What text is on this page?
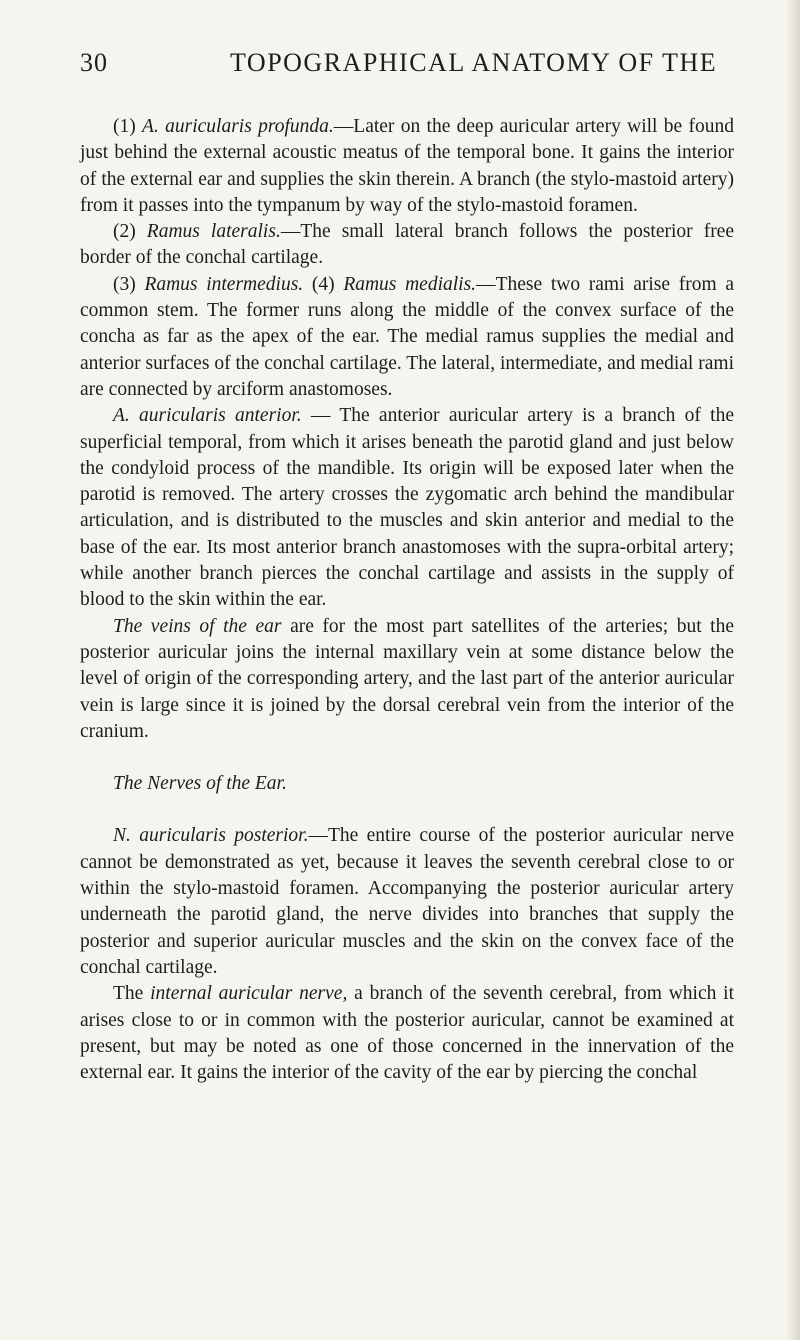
30	TOPOGRAPHICAL ANATOMY OF THE

(1) A. auricularis profunda.—Later on the deep auricular artery will be found just behind the external acoustic meatus of the temporal bone. It gains the interior of the external ear and supplies the skin therein. A branch (the stylo-mastoid artery) from it passes into the tympanum by way of the stylo-mastoid foramen.

(2) Ramus lateralis.—The small lateral branch follows the posterior free border of the conchal cartilage.

(3) Ramus intermedius. (4) Ramus medialis.—These two rami arise from a common stem. The former runs along the middle of the convex surface of the concha as far as the apex of the ear. The medial ramus supplies the medial and anterior surfaces of the conchal cartilage. The lateral, intermediate, and medial rami are connected by arciform anastomoses.

A. auricularis anterior. — The anterior auricular artery is a branch of the superficial temporal, from which it arises beneath the parotid gland and just below the condyloid process of the mandible. Its origin will be exposed later when the parotid is removed. The artery crosses the zygomatic arch behind the mandibular articulation, and is distributed to the muscles and skin anterior and medial to the base of the ear. Its most anterior branch anastomoses with the supra-orbital artery; while another branch pierces the conchal cartilage and assists in the supply of blood to the skin within the ear.

The veins of the ear are for the most part satellites of the arteries; but the posterior auricular joins the internal maxillary vein at some distance below the level of origin of the corresponding artery, and the last part of the anterior auricular vein is large since it is joined by the dorsal cerebral vein from the interior of the cranium.

The Nerves of the Ear.

N. auricularis posterior.—The entire course of the posterior auricular nerve cannot be demonstrated as yet, because it leaves the seventh cerebral close to or within the stylo-mastoid foramen. Accompanying the posterior auricular artery underneath the parotid gland, the nerve divides into branches that supply the posterior and superior auricular muscles and the skin on the convex face of the conchal cartilage.

The internal auricular nerve, a branch of the seventh cerebral, from which it arises close to or in common with the posterior auricular, cannot be examined at present, but may be noted as one of those concerned in the innervation of the external ear. It gains the interior of the cavity of the ear by piercing the conchal
